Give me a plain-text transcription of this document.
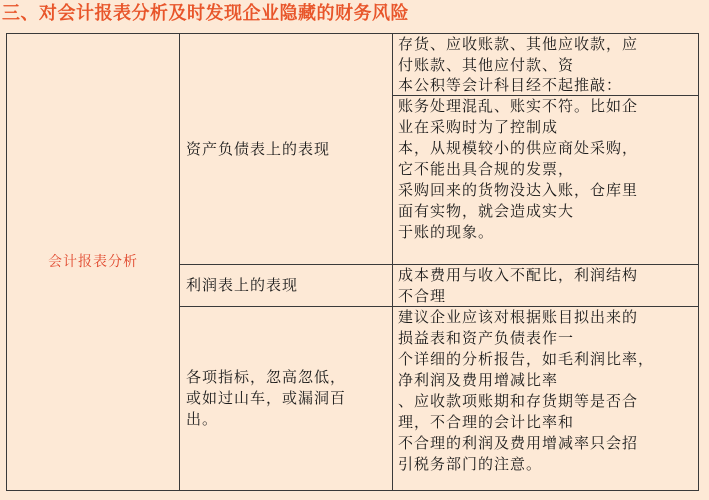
三、对会计报表分析及时发现企业隐藏的财务风险
会计报表分析
资产负债表上的表现
存货、应收账款、其他应收款，应
付账款、其他应付款、资
本公积等会计科目经不起推敲：
账务处理混乱、账实不符。比如企
业在采购时为了控制成
本，从规模较小的供应商处采购，
它不能出具合规的发票，
采购回来的货物没达入账，仓库里
面有实物，就会造成实大
于账的现象。
利润表上的表现
成本费用与收入不配比，利润结构
不合理
各项指标，忽高忽低，
或如过山车，或漏洞百
出。
建议企业应该对根据账目拟出来的
损益表和资产负债表作一
个详细的分析报告，如毛利润比率，
净利润及费用增减比率
、应收款项账期和存货期等是否合
理，不合理的会计比率和
不合理的利润及费用增减率只会招
引税务部门的注意。
